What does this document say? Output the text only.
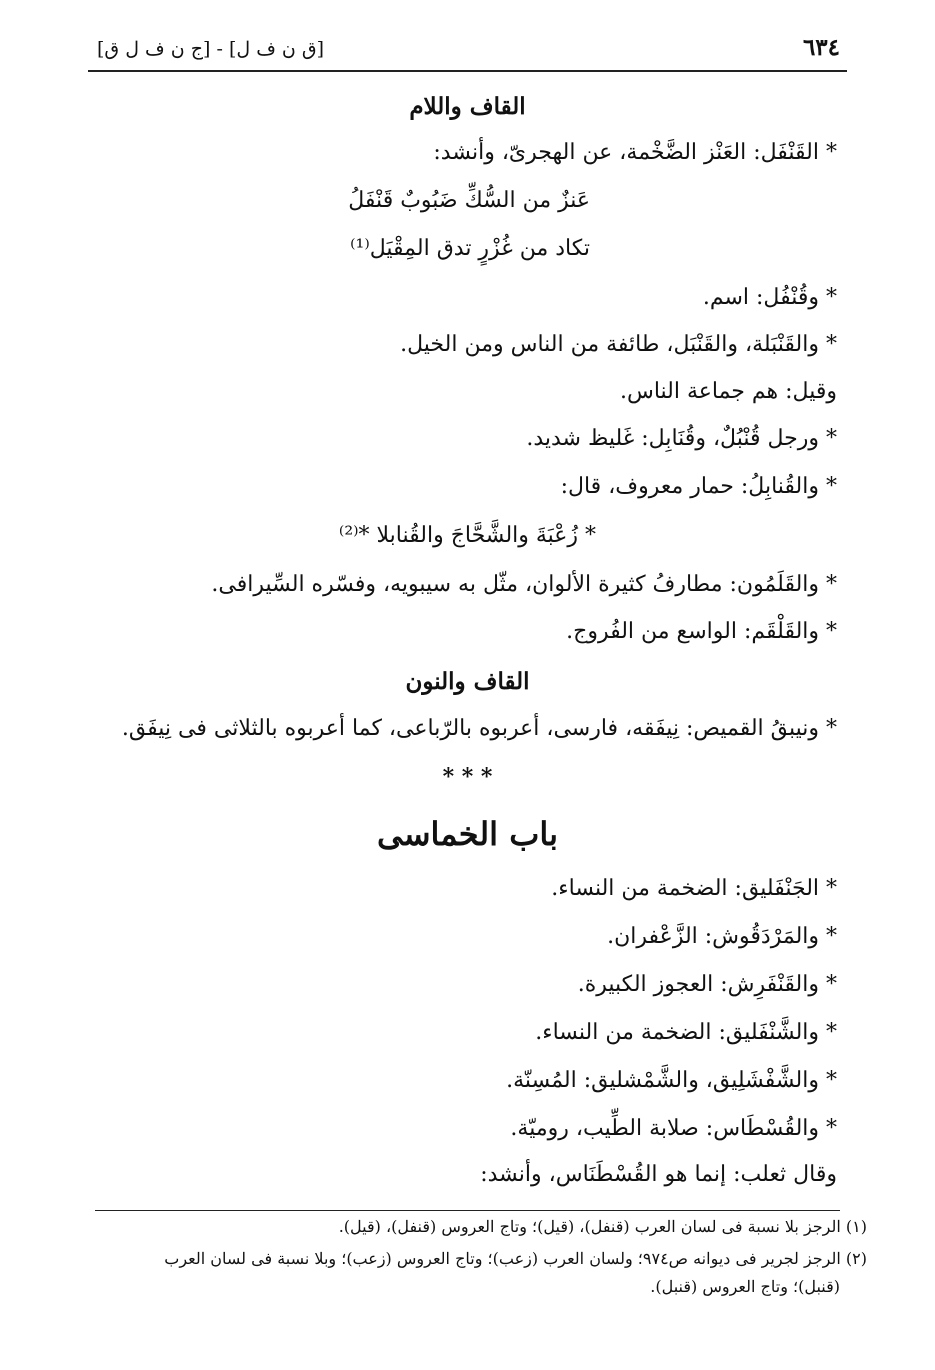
٦٣٤
[ق ن ف ل] - [ج ن ف ل ق]
القاف واللام
* القَنْفَل: العَنْز الضَّخْمة، عن الهجرىّ، وأنشد:
عَنزٌ من السُّكِّ ضَبُوبٌ قَنْفَلُ
تكاد من غُزْرٍ تدق المِقْيَل⁽¹⁾
* وقُنْفُل: اسم.
* والقَنْبَلة، والقَنْبَل، طائفة من الناس ومن الخيل.
وقيل: هم جماعة الناس.
* ورجل قُنْبُلٌ، وقُنَابِل: غَليظ شديد.
* والقُنابِلُ: حمار معروف، قال:
* زُعْبَةَ والشَّحَّاجَ والقُنابلا *⁽²⁾
* والقَلَمُون: مطارفُ كثيرة الألوان، مثّل به سيبويه، وفسّره السِّيرافى.
* والقَلْقَم: الواسع من الفُروج.
القاف والنون
* ونيبقُ القميص: نِيفَقه، فارسى، أعربوه بالرّباعى، كما أعربوه بالثلاثى فى نِيفَق.
* * *
باب الخماسى
* الجَنْفَليق: الضخمة من النساء.
* والمَرْدَقُوش: الزَّعْفران.
* والقَنْفَرِش: العجوز الكبيرة.
* والشَّنْفَليق: الضخمة من النساء.
* والشَّفْشَلِيق، والشَّمْشليق: المُسِنّة.
* والقُسْطَاس: صلابة الطِّيب، روميّة.
وقال ثعلب: إنما هو القُسْطَنَاس، وأنشد:
(١) الرجز بلا نسبة فى لسان العرب (قنفل)، (قيل)؛ وتاج العروس (قنفل)، (قيل).
(٢) الرجز لجرير فى ديوانه ص٩٧٤؛ ولسان العرب (زعب)؛ وتاج العروس (زعب)؛ وبلا نسبة فى لسان العرب
(قنبل)؛ وتاج العروس (قنبل).
